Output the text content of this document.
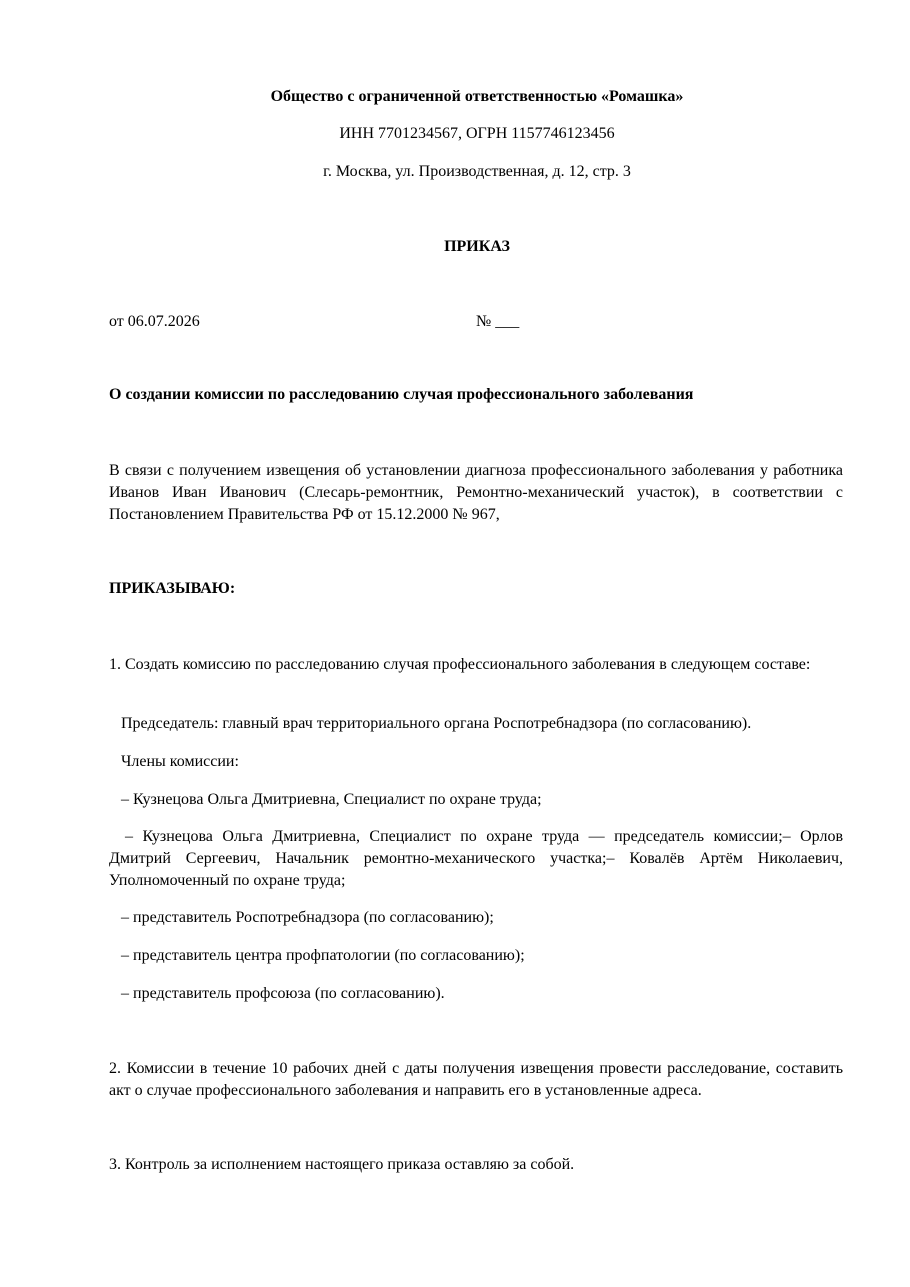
Общество с ограниченной ответственностью «Ромашка»
ИНН 7701234567, ОГРН 1157746123456
г. Москва, ул. Производственная, д. 12, стр. 3
ПРИКАЗ
от 06.07.2026	№ ___
О создании комиссии по расследованию случая профессионального заболевания
В связи с получением извещения об установлении диагноза профессионального заболевания у работника Иванов Иван Иванович (Слесарь-ремонтник, Ремонтно-механический участок), в соответствии с Постановлением Правительства РФ от 15.12.2000 № 967,
ПРИКАЗЫВАЮ:
1. Создать комиссию по расследованию случая профессионального заболевания в следующем составе:
Председатель: главный врач территориального органа Роспотребнадзора (по согласованию).
Члены комиссии:
– Кузнецова Ольга Дмитриевна, Специалист по охране труда;
– Кузнецова Ольга Дмитриевна, Специалист по охране труда — председатель комиссии;– Орлов Дмитрий Сергеевич, Начальник ремонтно-механического участка;– Ковалёв Артём Николаевич, Уполномоченный по охране труда;
– представитель Роспотребнадзора (по согласованию);
– представитель центра профпатологии (по согласованию);
– представитель профсоюза (по согласованию).
2. Комиссии в течение 10 рабочих дней с даты получения извещения провести расследование, составить акт о случае профессионального заболевания и направить его в установленные адреса.
3. Контроль за исполнением настоящего приказа оставляю за собой.
